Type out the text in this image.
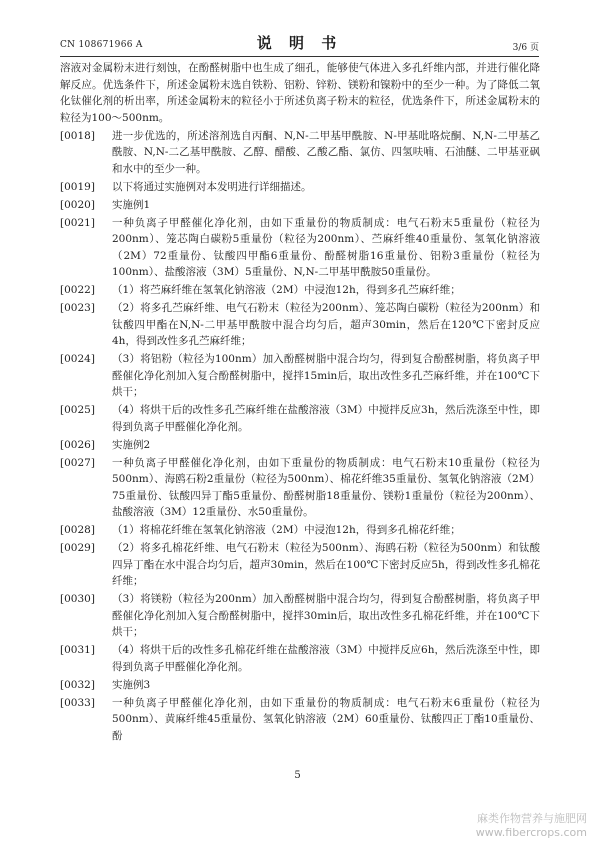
CN 108671966 A	说 明 书	3/6 页

溶液对金属粉末进行刻蚀，在酚醛树脂中也生成了细孔，能够使气体进入多孔纤维内部，并进行催化降解反应。优选条件下，所述金属粉末选自铁粉、铝粉、锌粉、镁粉和镍粉中的至少一种。为了降低二氧化钛催化剂的析出率，所述金属粉末的粒径小于所述负离子粉末的粒径，优选条件下，所述金属粉末的粒径为100～500nm。

[0018]	进一步优选的，所述溶剂选自丙酮、N,N-二甲基甲酰胺、N-甲基吡咯烷酮、N,N-二甲基乙酰胺、N,N-二乙基甲酰胺、乙醇、醋酸、乙酸乙酯、氯仿、四氢呋喃、石油醚、二甲基亚砜和水中的至少一种。
[0019]	以下将通过实施例对本发明进行详细描述。
[0020]	实施例1
[0021]	一种负离子甲醛催化净化剂，由如下重量份的物质制成：电气石粉末5重量份（粒径为200nm）、笼芯陶白碳粉5重量份（粒径为200nm）、苎麻纤维40重量份、氢氧化钠溶液（2M）72重量份、钛酸四甲酯6重量份、酚醛树脂16重量份、铝粉3重量份（粒径为100nm）、盐酸溶液（3M）5重量份、N,N-二甲基甲酰胺50重量份。
[0022]	（1）将苎麻纤维在氢氧化钠溶液（2M）中浸泡12h，得到多孔苎麻纤维；
[0023]	（2）将多孔苎麻纤维、电气石粉末（粒径为200nm）、笼芯陶白碳粉（粒径为200nm）和钛酸四甲酯在N,N-二甲基甲酰胺中混合均匀后，超声30min，然后在120℃下密封反应4h，得到改性多孔苎麻纤维；
[0024]	（3）将铝粉（粒径为100nm）加入酚醛树脂中混合均匀，得到复合酚醛树脂，将负离子甲醛催化净化剂加入复合酚醛树脂中，搅拌15min后，取出改性多孔苎麻纤维，并在100℃下烘干；
[0025]	（4）将烘干后的改性多孔苎麻纤维在盐酸溶液（3M）中搅拌反应3h，然后洗涤至中性，即得到负离子甲醛催化净化剂。
[0026]	实施例2
[0027]	一种负离子甲醛催化净化剂，由如下重量份的物质制成：电气石粉末10重量份（粒径为500nm）、海鸥石粉2重量份（粒径为500nm）、棉花纤维35重量份、氢氧化钠溶液（2M）75重量份、钛酸四异丁酯5重量份、酚醛树脂18重量份、镁粉1重量份（粒径为200nm）、盐酸溶液（3M）12重量份、水50重量份。
[0028]	（1）将棉花纤维在氢氧化钠溶液（2M）中浸泡12h，得到多孔棉花纤维；
[0029]	（2）将多孔棉花纤维、电气石粉末（粒径为500nm）、海鸥石粉（粒径为500nm）和钛酸四异丁酯在水中混合均匀后，超声30min，然后在100℃下密封反应5h，得到改性多孔棉花纤维；
[0030]	（3）将镁粉（粒径为200nm）加入酚醛树脂中混合均匀，得到复合酚醛树脂，将负离子甲醛催化净化剂加入复合酚醛树脂中，搅拌30min后，取出改性多孔棉花纤维，并在100℃下烘干；
[0031]	（4）将烘干后的改性多孔棉花纤维在盐酸溶液（3M）中搅拌反应6h，然后洗涤至中性，即得到负离子甲醛催化净化剂。
[0032]	实施例3
[0033]	一种负离子甲醛催化净化剂，由如下重量份的物质制成：电气石粉末6重量份（粒径为500nm）、黄麻纤维45重量份、氢氧化钠溶液（2M）60重量份、钛酸四正丁酯10重量份、酚
5
麻类作物营养与施肥网
www.fibercrops.com
